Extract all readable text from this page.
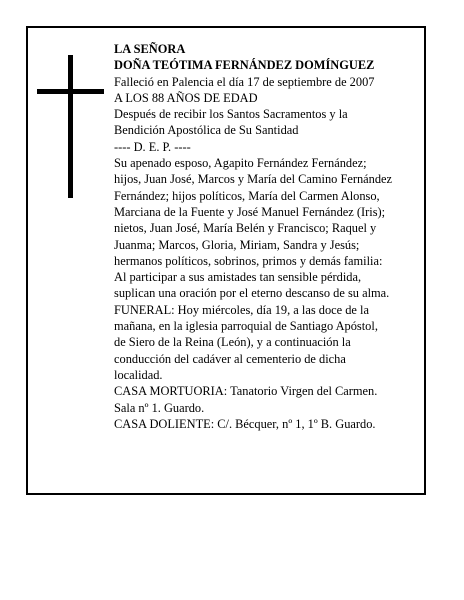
LA SEÑORA
DOÑA TEÓTIMA FERNÁNDEZ DOMÍNGUEZ
Falleció en Palencia el día 17 de septiembre de 2007
A LOS 88 AÑOS DE EDAD
Después de recibir los Santos Sacramentos y la
Bendición Apostólica de Su Santidad
---- D. E. P. ----
Su apenado esposo, Agapito Fernández Fernández;
hijos, Juan José, Marcos y María del Camino Fernández
Fernández; hijos políticos, María del Carmen Alonso,
Marciana de la Fuente y José Manuel Fernández (Iris);
nietos, Juan José, María Belén y Francisco; Raquel y
Juanma; Marcos, Gloria, Miriam, Sandra y Jesús;
hermanos políticos, sobrinos, primos y demás familia:
Al participar a sus amistades tan sensible pérdida,
suplican una oración por el eterno descanso de su alma.
FUNERAL: Hoy miércoles, día 19, a las doce de la
mañana, en la iglesia parroquial de Santiago Apóstol,
de Siero de la Reina (León), y a continuación la
conducción del cadáver al cementerio de dicha
localidad.
CASA MORTUORIA: Tanatorio Virgen del Carmen.
Sala nº 1. Guardo.
CASA DOLIENTE: C/. Bécquer, nº 1, 1º B. Guardo.
